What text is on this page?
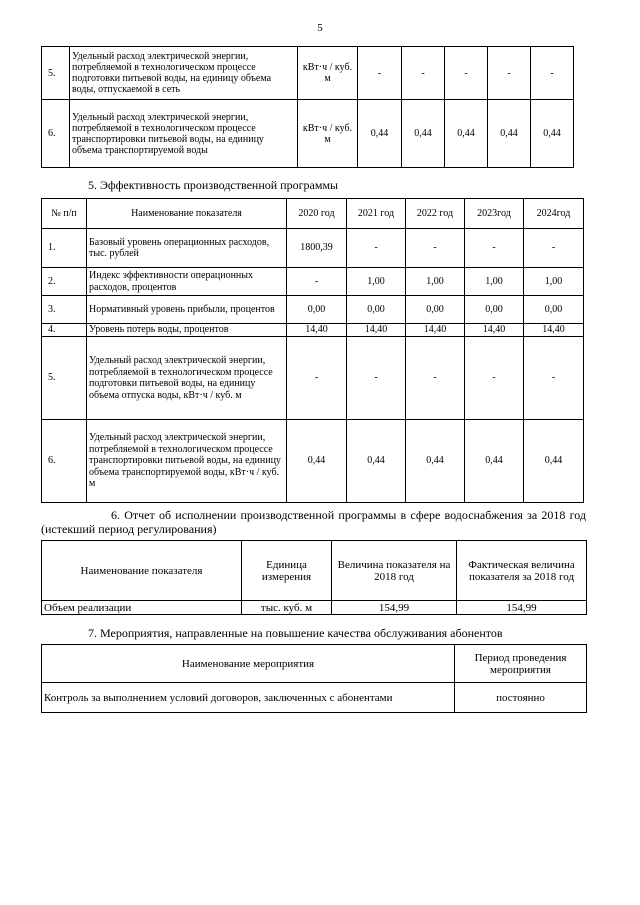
5
5.	Удельный расход электрической энергии, потребляемой в технологическом процессе подготовки питьевой воды, на единицу объема воды, отпускаемой в сеть	кВт·ч / куб. м	-	-	-	-	-
6.	Удельный расход электрической энергии, потребляемой в технологическом процессе транспортировки питьевой воды, на единицу объема транспортируемой воды	кВт·ч / куб. м	0,44	0,44	0,44	0,44	0,44
5. Эффективность производственной программы
№ п/п	Наименование показателя	2020 год	2021 год	2022 год	2023год	2024год
1.	Базовый уровень операционных расходов, тыс. рублей	1800,39	-	-	-	-
2.	Индекс эффективности операционных расходов, процентов	-	1,00	1,00	1,00	1,00
3.	Нормативный уровень прибыли, процентов	0,00	0,00	0,00	0,00	0,00
4.	Уровень потерь воды, процентов	14,40	14,40	14,40	14,40	14,40
5.	Удельный расход электрической энергии, потребляемой в технологическом процессе подготовки питьевой воды, на единицу объема отпуска воды, кВт·ч / куб. м	-	-	-	-	-
6.	Удельный расход электрической энергии, потребляемой в технологическом процессе транспортировки питьевой воды, на единицу объема транспортируемой воды, кВт·ч / куб. м	0,44	0,44	0,44	0,44	0,44
6. Отчет об исполнении производственной программы в сфере водоснабжения за 2018 год (истекший период регулирования)
Наименование показателя	Единица измерения	Величина показателя на 2018 год	Фактическая величина показателя за 2018 год
Объем реализации	тыс. куб. м	154,99	154,99
7. Мероприятия, направленные на повышение качества обслуживания абонентов
Наименование мероприятия	Период проведения мероприятия
Контроль за выполнением условий договоров, заключенных с абонентами	постоянно
